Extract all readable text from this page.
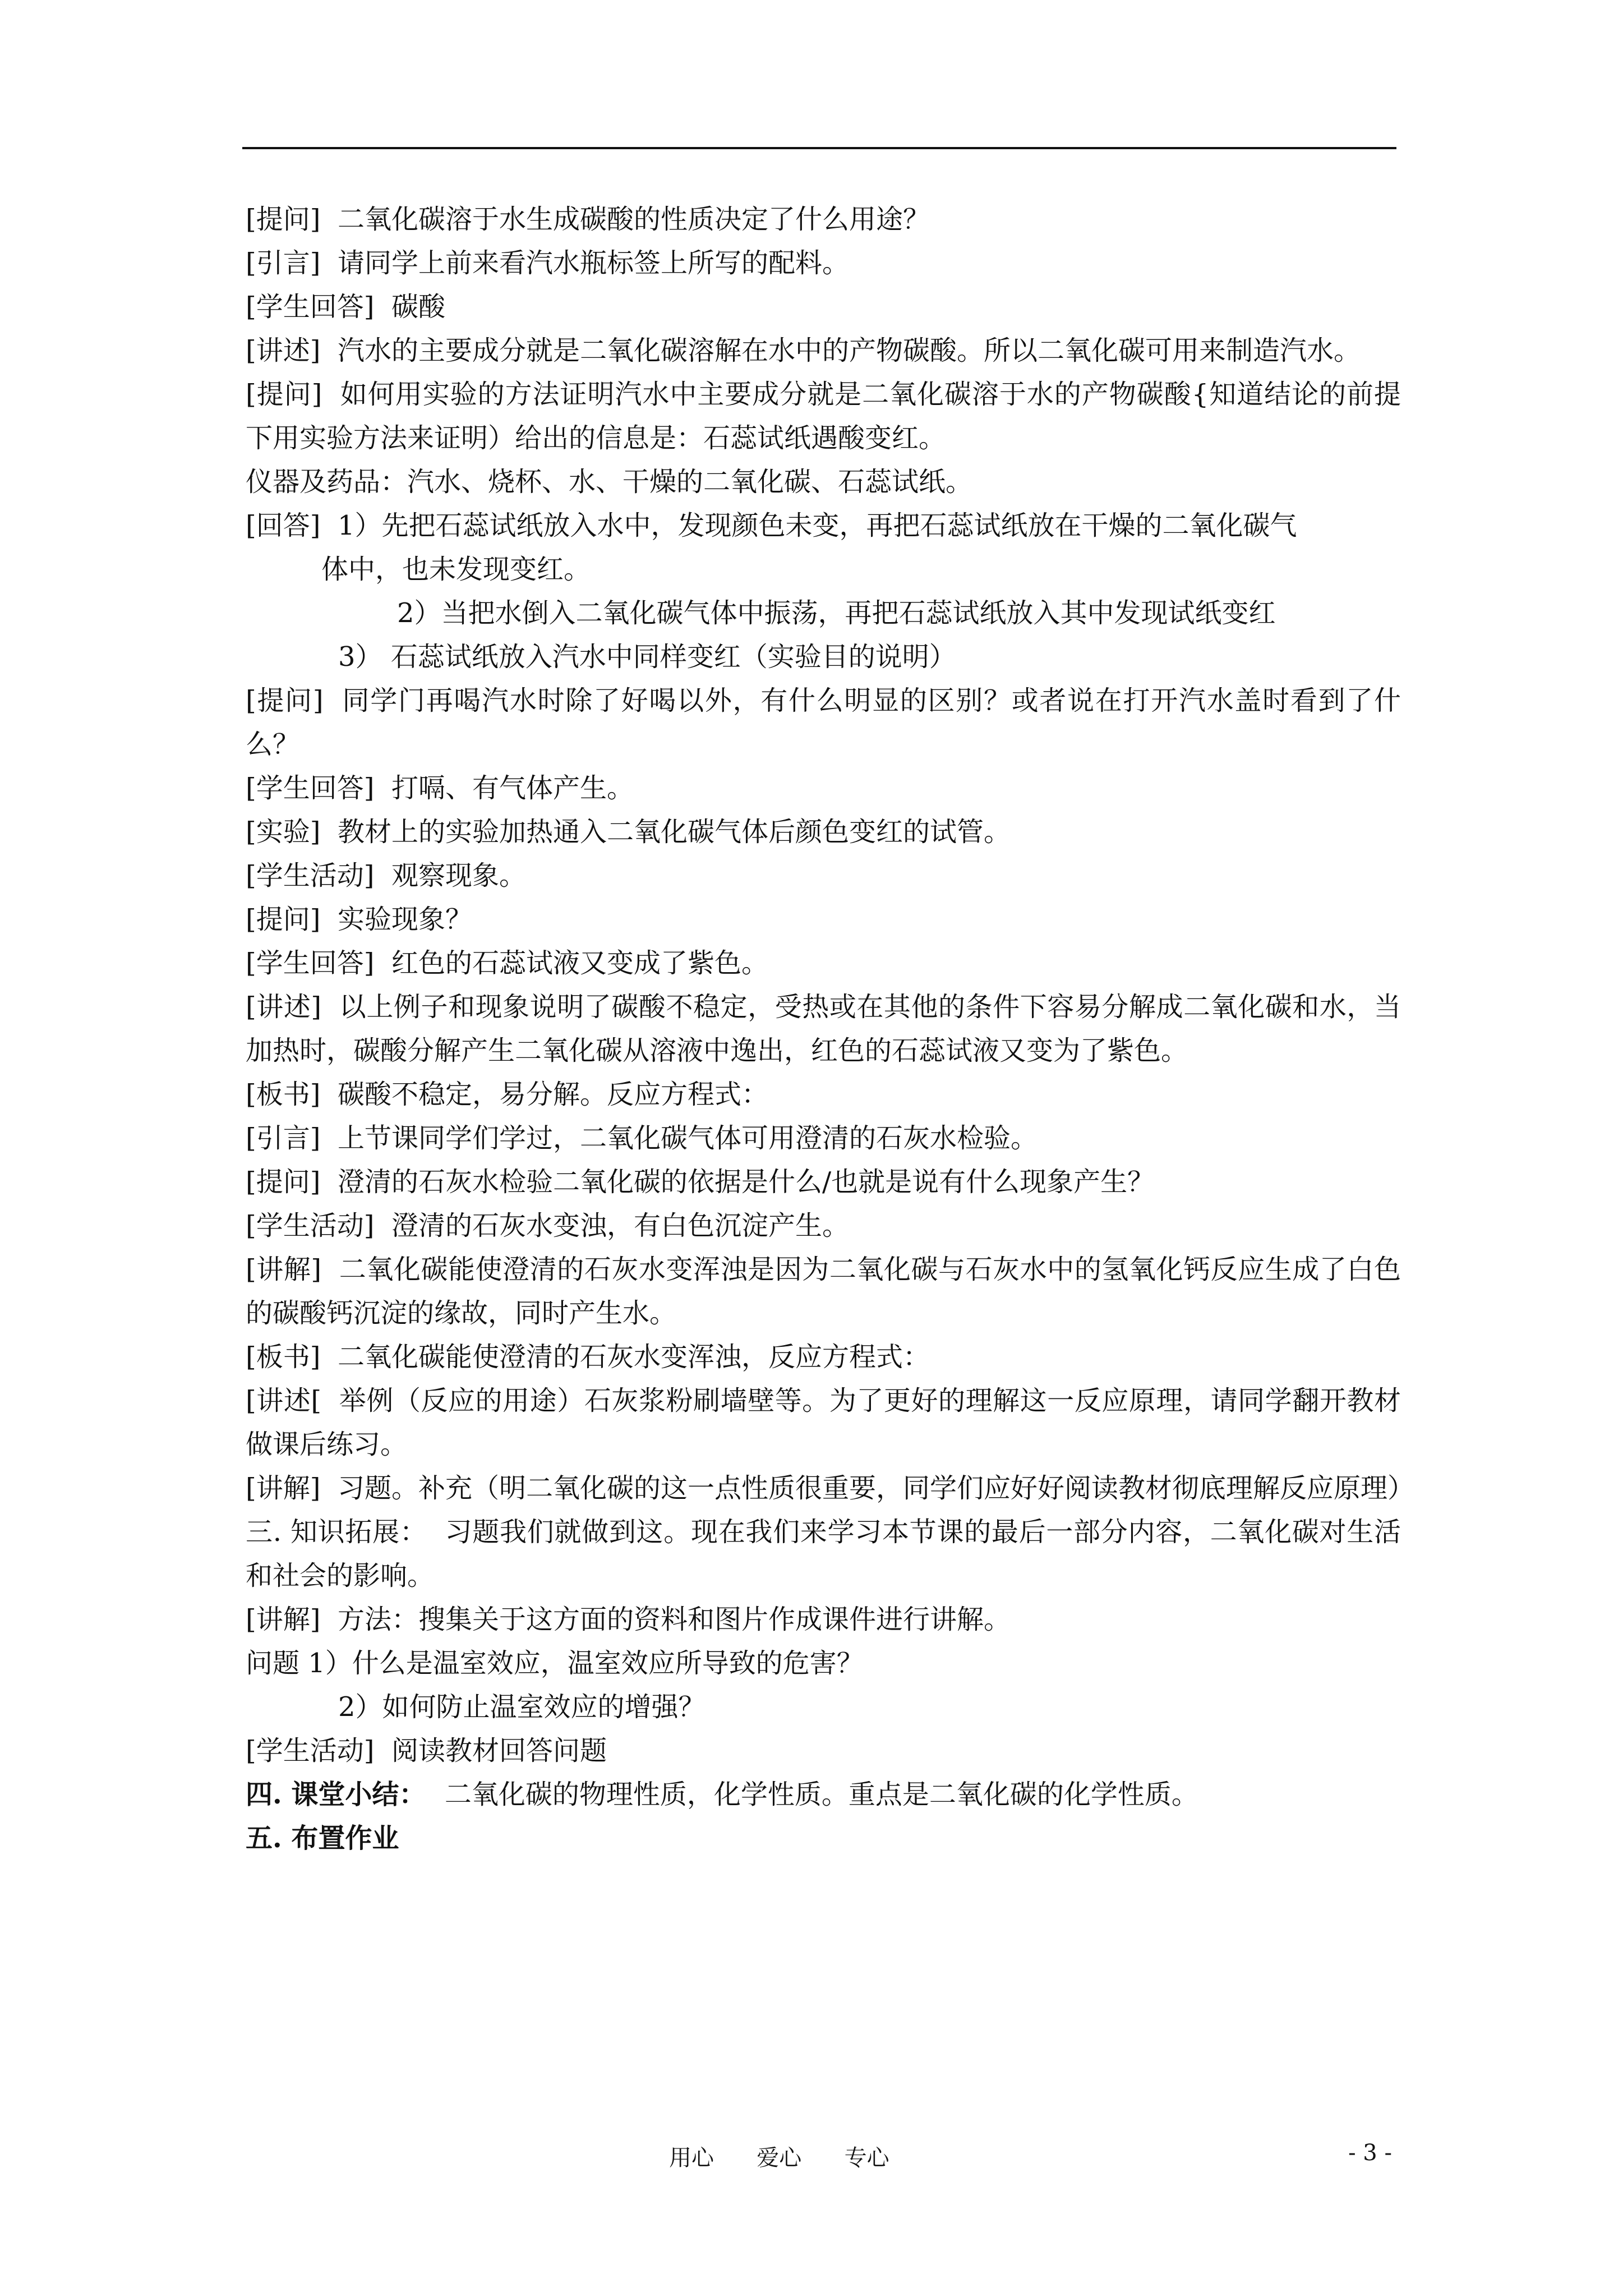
[提问]  二氧化碳溶于水生成碳酸的性质决定了什么用途？

[引言]  请同学上前来看汽水瓶标签上所写的配料。

[学生回答]  碳酸

[讲述]  汽水的主要成分就是二氧化碳溶解在水中的产物碳酸。所以二氧化碳可用来制造汽水。

[提问]  如何用实验的方法证明汽水中主要成分就是二氧化碳溶于水的产物碳酸{知道结论的前提下用实验方法来证明）给出的信息是：石蕊试纸遇酸变红。

仪器及药品：汽水、烧杯、水、干燥的二氧化碳、石蕊试纸。

[回答]  1）先把石蕊试纸放入水中，发现颜色未变，再把石蕊试纸放在干燥的二氧化碳气

体中，也未发现变红。

2）当把水倒入二氧化碳气体中振荡，再把石蕊试纸放入其中发现试纸变红

3） 石蕊试纸放入汽水中同样变红（实验目的说明）

[提问]  同学门再喝汽水时除了好喝以外，有什么明显的区别？或者说在打开汽水盖时看到了什么？

[学生回答]  打嗝、有气体产生。

[实验]  教材上的实验加热通入二氧化碳气体后颜色变红的试管。

[学生活动]  观察现象。

[提问]  实验现象？

[学生回答]  红色的石蕊试液又变成了紫色。

[讲述]  以上例子和现象说明了碳酸不稳定，受热或在其他的条件下容易分解成二氧化碳和水，当加热时，碳酸分解产生二氧化碳从溶液中逸出，红色的石蕊试液又变为了紫色。

[板书]  碳酸不稳定，易分解。反应方程式：

[引言]  上节课同学们学过，二氧化碳气体可用澄清的石灰水检验。

[提问]  澄清的石灰水检验二氧化碳的依据是什么/也就是说有什么现象产生？

[学生活动]  澄清的石灰水变浊，有白色沉淀产生。

[讲解]  二氧化碳能使澄清的石灰水变浑浊是因为二氧化碳与石灰水中的氢氧化钙反应生成了白色的碳酸钙沉淀的缘故，同时产生水。

[板书]  二氧化碳能使澄清的石灰水变浑浊，反应方程式：

[讲述[  举例（反应的用途）石灰浆粉刷墙壁等。为了更好的理解这一反应原理，请同学翻开教材做课后练习。

[讲解]  习题。补充（明二氧化碳的这一点性质很重要，同学们应好好阅读教材彻底理解反应原理）

三. 知识拓展：  习题我们就做到这。现在我们来学习本节课的最后一部分内容，二氧化碳对生活和社会的影响。

[讲解]  方法：搜集关于这方面的资料和图片作成课件进行讲解。

问题 1）什么是温室效应，温室效应所导致的危害？

2）如何防止温室效应的增强？

[学生活动]  阅读教材回答问题

四. 课堂小结：  二氧化碳的物理性质，化学性质。重点是二氧化碳的化学性质。

五. 布置作业

用心      爱心      专心	- 3 -
